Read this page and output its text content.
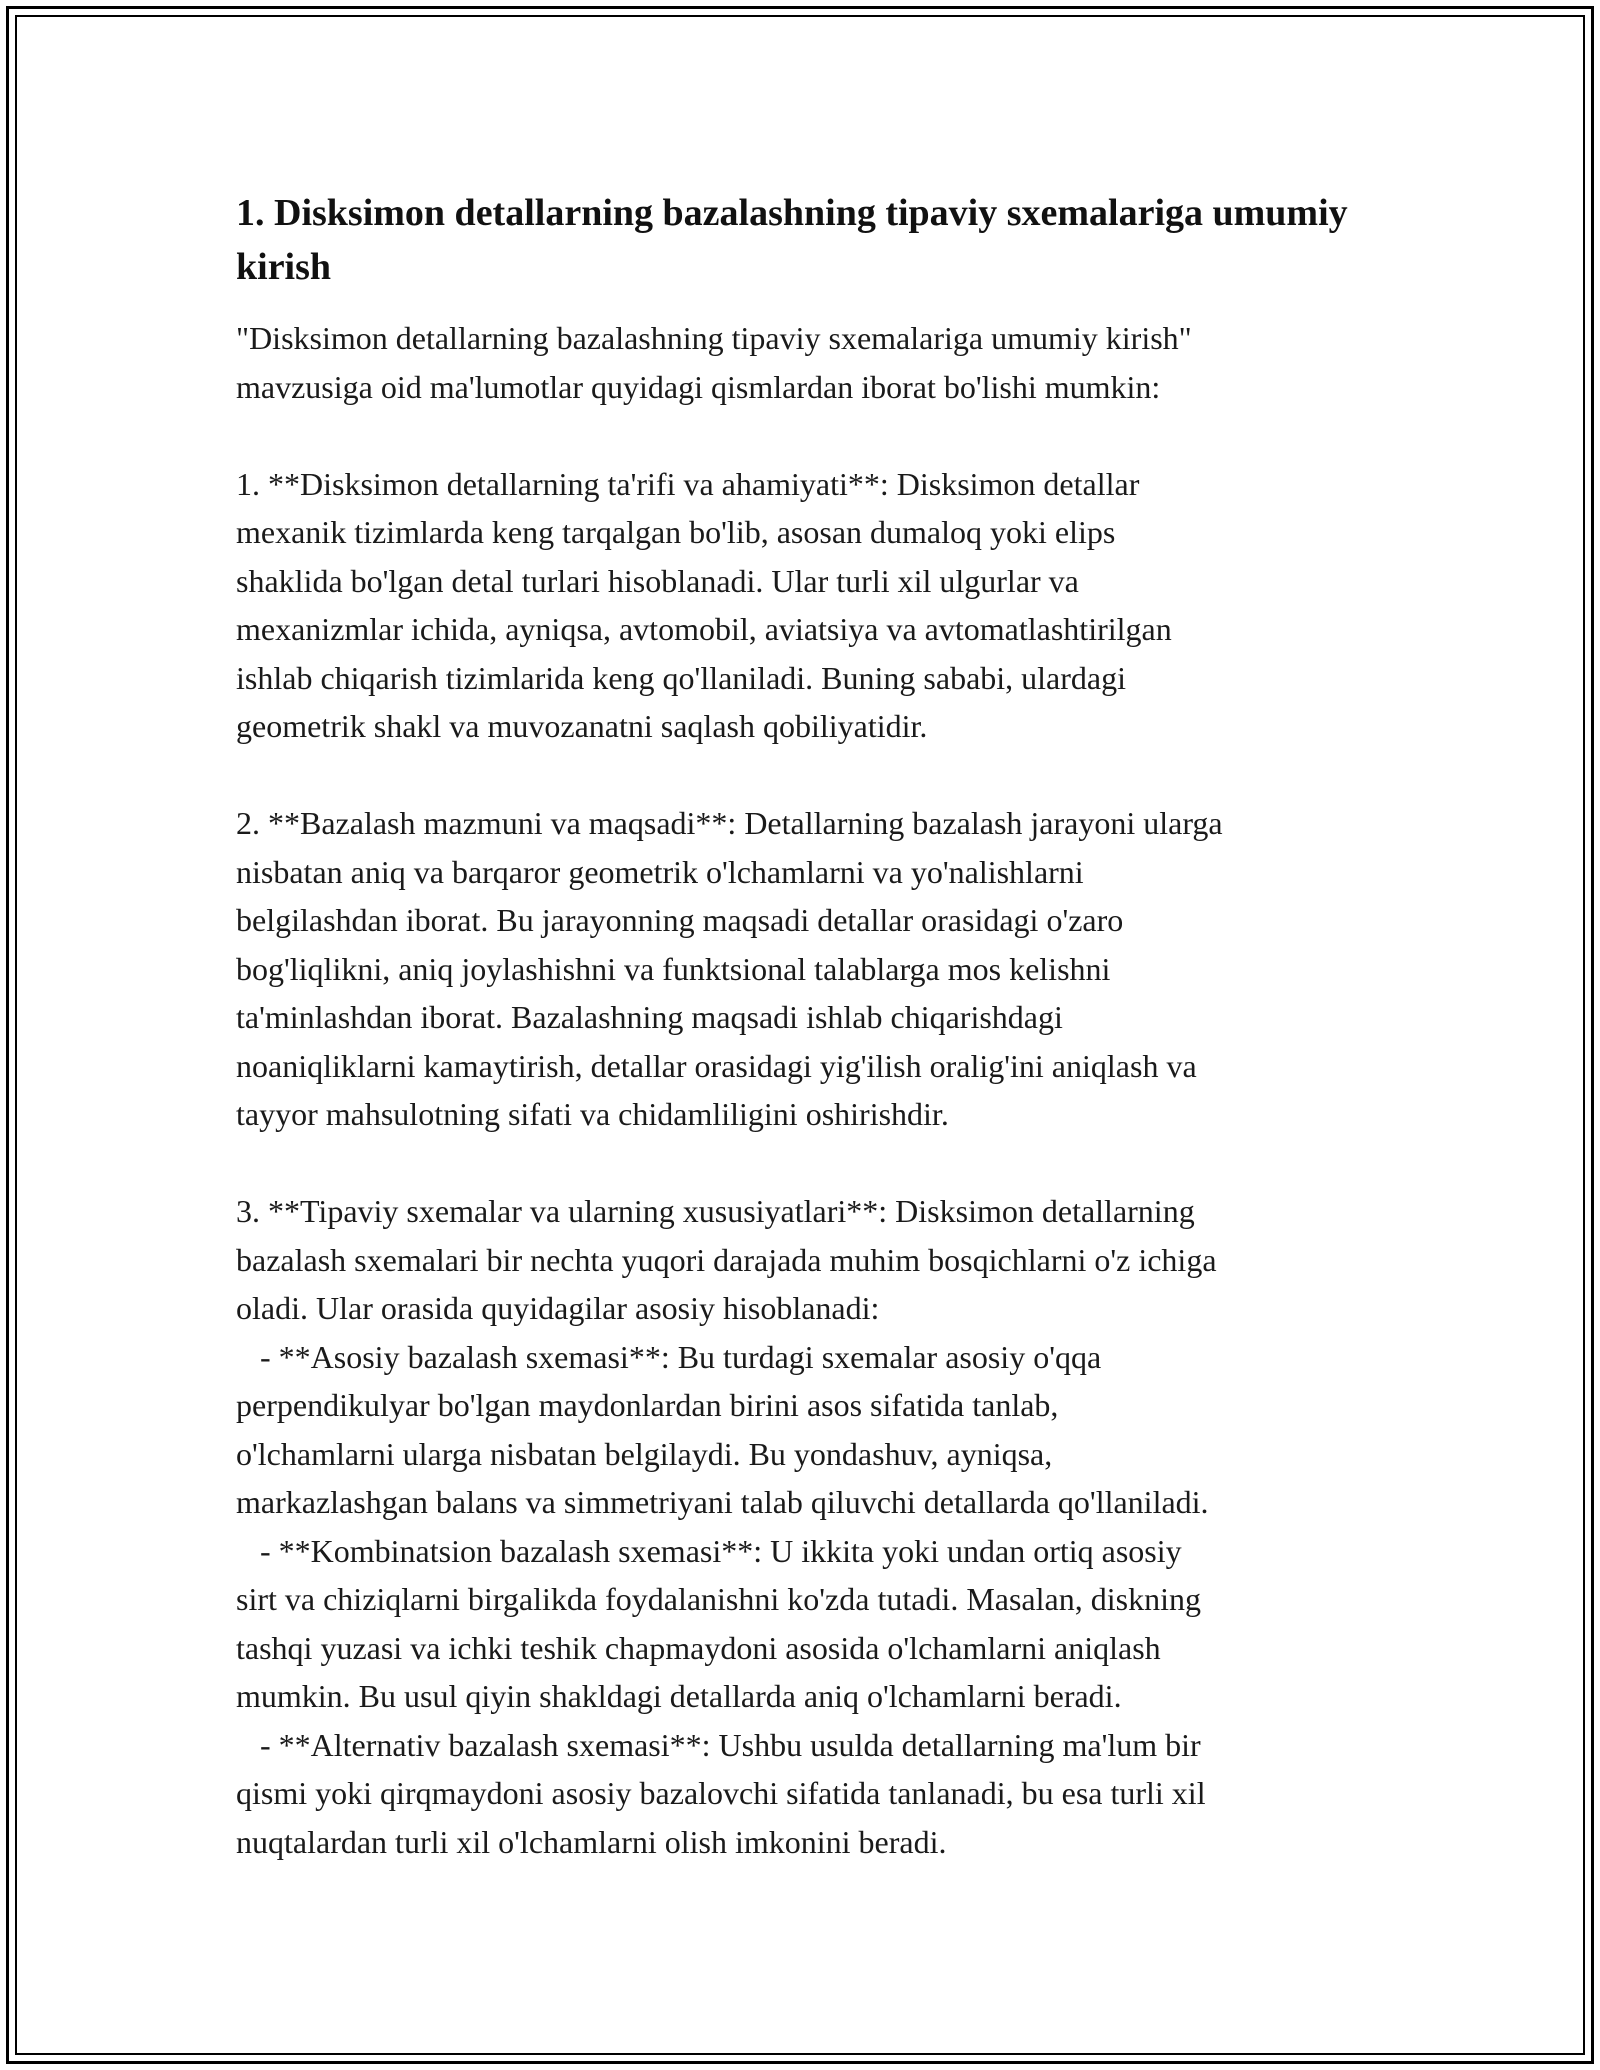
1. Disksimon detallarning bazalashning tipaviy sxemalariga umumiy kirish

"Disksimon detallarning bazalashning tipaviy sxemalariga umumiy kirish"
mavzusiga oid ma'lumotlar quyidagi qismlardan iborat bo'lishi mumkin:

1. **Disksimon detallarning ta'rifi va ahamiyati**: Disksimon detallar
mexanik tizimlarda keng tarqalgan bo'lib, asosan dumaloq yoki elips
shaklida bo'lgan detal turlari hisoblanadi. Ular turli xil ulgurlar va
mexanizmlar ichida, ayniqsa, avtomobil, aviatsiya va avtomatlashtirilgan
ishlab chiqarish tizimlarida keng qo'llaniladi. Buning sababi, ulardagi
geometrik shakl va muvozanatni saqlash qobiliyatidir.

2. **Bazalash mazmuni va maqsadi**: Detallarning bazalash jarayoni ularga
nisbatan aniq va barqaror geometrik o'lchamlarni va yo'nalishlarni
belgilashdan iborat. Bu jarayonning maqsadi detallar orasidagi o'zaro
bog'liqlikni, aniq joylashishni va funktsional talablarga mos kelishni
ta'minlashdan iborat. Bazalashning maqsadi ishlab chiqarishdagi
noaniqliklarni kamaytirish, detallar orasidagi yig'ilish oralig'ini aniqlash va
tayyor mahsulotning sifati va chidamliligini oshirishdir.

3. **Tipaviy sxemalar va ularning xususiyatlari**: Disksimon detallarning
bazalash sxemalari bir nechta yuqori darajada muhim bosqichlarni o'z ichiga
oladi. Ular orasida quyidagilar asosiy hisoblanadi:
- **Asosiy bazalash sxemasi**: Bu turdagi sxemalar asosiy o'qqa
perpendikulyar bo'lgan maydonlardan birini asos sifatida tanlab,
o'lchamlarni ularga nisbatan belgilaydi. Bu yondashuv, ayniqsa,
markazlashgan balans va simmetriyani talab qiluvchi detallarda qo'llaniladi.
- **Kombinatsion bazalash sxemasi**: U ikkita yoki undan ortiq asosiy
sirt va chiziqlarni birgalikda foydalanishni ko'zda tutadi. Masalan, diskning
tashqi yuzasi va ichki teshik chapmaydoni asosida o'lchamlarni aniqlash
mumkin. Bu usul qiyin shakldagi detallarda aniq o'lchamlarni beradi.
- **Alternativ bazalash sxemasi**: Ushbu usulda detallarning ma'lum bir
qismi yoki qirqmaydoni asosiy bazalovchi sifatida tanlanadi, bu esa turli xil
nuqtalardan turli xil o'lchamlarni olish imkonini beradi.
